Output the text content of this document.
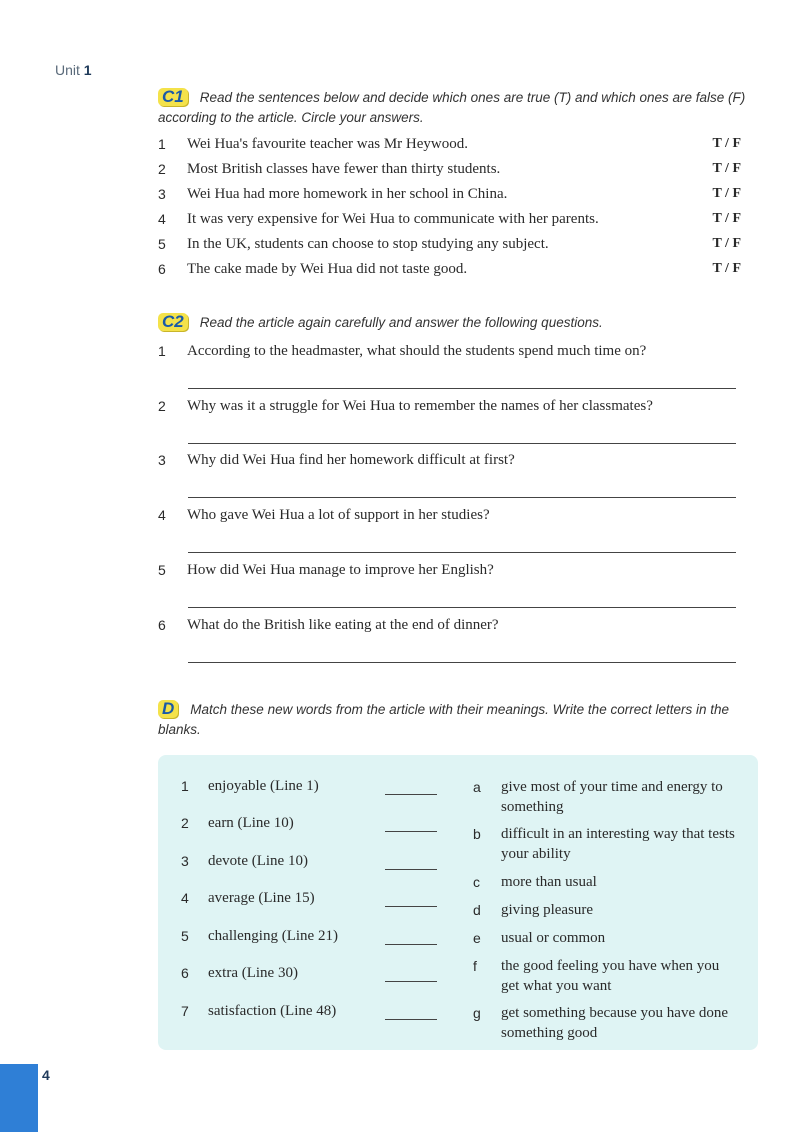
Unit 1
C1 Read the sentences below and decide which ones are true (T) and which ones are false (F) according to the article. Circle your answers.
1 Wei Hua's favourite teacher was Mr Heywood.	T / F
2 Most British classes have fewer than thirty students.	T / F
3 Wei Hua had more homework in her school in China.	T / F
4 It was very expensive for Wei Hua to communicate with her parents.	T / F
5 In the UK, students can choose to stop studying any subject.	T / F
6 The cake made by Wei Hua did not taste good.	T / F
C2 Read the article again carefully and answer the following questions.
1 According to the headmaster, what should the students spend much time on?
2 Why was it a struggle for Wei Hua to remember the names of her classmates?
3 Why did Wei Hua find her homework difficult at first?
4 Who gave Wei Hua a lot of support in her studies?
5 How did Wei Hua manage to improve her English?
6 What do the British like eating at the end of dinner?
D Match these new words from the article with their meanings. Write the correct letters in the blanks.
1 enjoyable (Line 1)
2 earn (Line 10)
3 devote (Line 10)
4 average (Line 15)
5 challenging (Line 21)
6 extra (Line 30)
7 satisfaction (Line 48)
a give most of your time and energy to something
b difficult in an interesting way that tests your ability
c more than usual
d giving pleasure
e usual or common
f the good feeling you have when you get what you want
g get something because you have done something good
4
